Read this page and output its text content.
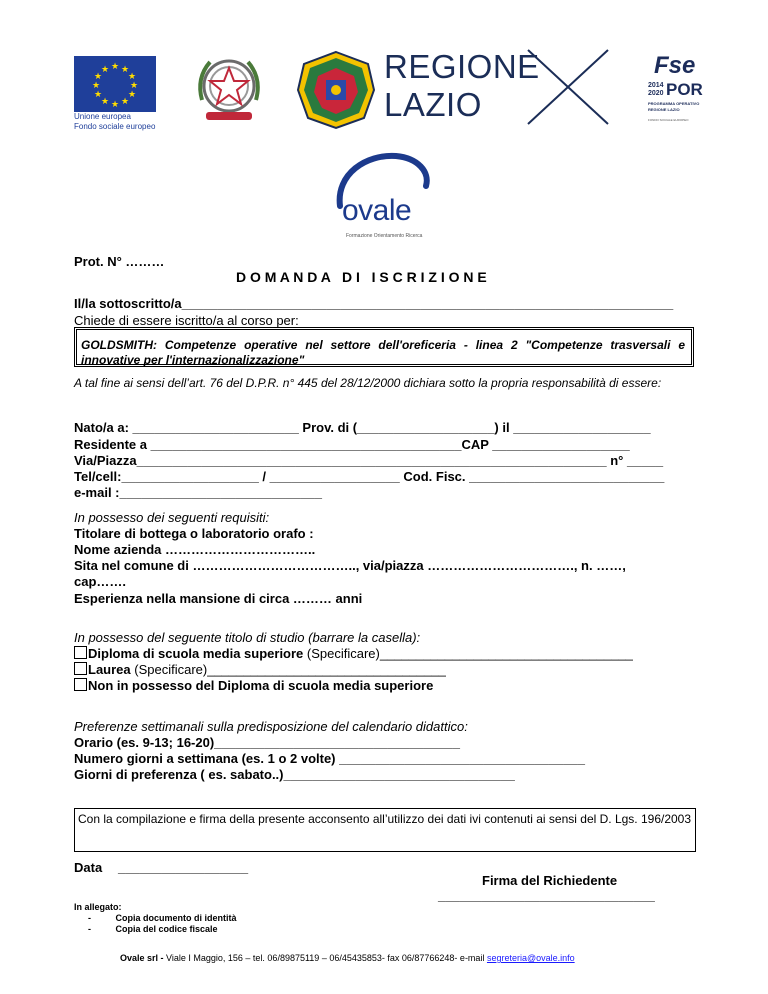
★ ★
★
★
★
★
★
★
★
★
★
★
Unione europea
Fondo sociale europeo
REGIONE
LAZIO
Fse
2014
2020 POR
PROGRAMMA OPERATIVO
REGIONE LAZIO
FONDO SOCIALE EUROPEO
ovale
Formazione Orientamento Ricerca
Prot. N° ………
D O M A N D A   D I   I S C R I Z I O N E
Il/la sottoscritto/a____________________________________________________________________
Chiede di essere iscritto/a al corso per:
GOLDSMITH: Competenze operative nel settore dell'oreficeria - linea 2 "Competenze trasversali e innovative per l'internazionalizzazione"
A tal fine ai sensi dell’art. 76 del D.P.R. n° 445 del 28/12/2000 dichiara sotto la propria responsabilità di essere:
Nato/a a: _______________________ Prov. di (___________________) il ___________________
Residente a ___________________________________________CAP ___________________
Via/Piazza_________________________________________________________________ n° _____
Tel/cell:___________________ / __________________ Cod. Fisc. ___________________________
e-mail :____________________________
In possesso dei seguenti requisiti:
Titolare di bottega o laboratorio orafo :
Nome azienda ……………………………..
Sita nel comune di ……………………………….., via/piazza ……………………………., n. ……,
cap…….
Esperienza nella mansione di circa ……… anni
In possesso del seguente titolo di studio (barrare la casella):
Diploma di scuola media superiore (Specificare)___________________________________
Laurea (Specificare)_________________________________
Non in possesso del Diploma di scuola media superiore
Preferenze settimanali sulla predisposizione del calendario didattico:
Orario (es. 9-13; 16-20)__________________________________
Numero giorni a settimana (es. 1 o 2 volte) __________________________________
Giorni di preferenza ( es. sabato..)________________________________
Con la compilazione e firma della presente acconsento all’utilizzo dei dati ivi contenuti ai sensi del D. Lgs. 196/2003
Data __________________
Firma del Richiedente
______________________________
In allegato:
-	Copia documento di identità
-	Copia del codice fiscale
Ovale srl - Viale I Maggio, 156 – tel. 06/89875119 – 06/45435853- fax 06/87766248- e-mail segreteria@ovale.info
